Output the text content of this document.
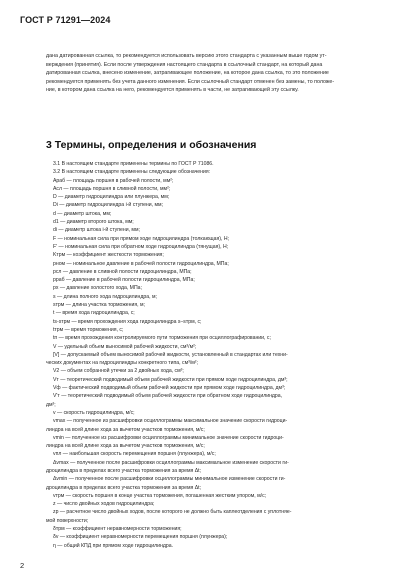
ГОСТ Р 71291—2024
дана датированная ссылка, то рекомендуется использовать версию этого стандарта с указанным выше годом ут-
верждения (принятия). Если после утверждения настоящего стандарта в ссылочный стандарт, на который дана
датированная ссылка, внесено изменение, затрагивающее положение, на которое дана ссылка, то это положение
рекомендуется применять без учета данного изменения. Если ссылочный стандарт отменен без замены, то положе-
ние, в котором дана ссылка на него, рекомендуется применять в части, не затрагивающей эту ссылку.
3 Термины, определения и обозначения

3.1 В настоящем стандарте применены термины по ГОСТ Р 71086.

3.2 В настоящем стандарте применены следующие обозначения:

Aраб — площадь поршня в рабочей полости, мм²;

Aсл — площадь поршня в сливной полости, мм²;

D — диаметр гидроцилиндра или плунжера, мм;

Di — диаметр гидроцилиндра i-й ступени, мм;

d — диаметр штока, мм;

d1 — диаметр второго штока, мм;

di — диаметр штока i-й ступени, мм;

F — номинальная сила при прямом ходе гидроцилиндра (толкающая), Н;

F' — номинальная сила при обратном ходе гидроцилиндра (тянущая), Н;

Kтрм — коэффициент жесткости торможения;

pном — номинальное давление в рабочей полости гидроцилиндра, МПа;

pсл — давление в сливной полости гидроцилиндра, МПа;

pраб — давление в рабочей полости гидроцилиндра, МПа;

pх — давление холостого хода, МПа;

s — длина полного хода гидроцилиндра, м;

sтрм — длина участка торможения, м;

t — время хода гидроцилиндра, с;

ts-sтрм — время прохождения хода гидроцилиндра s–sтрм, с;

tтрм — время торможения, с;

tп — время прохождения контролируемого пути торможения при осциллографировании, с;

V — удельный объем выносимой рабочей жидкости, см³/м²;

[V] — допускаемый объем выносимой рабочей жидкости, установленный в стандартах или техни-

ческих документах на гидроцилиндры конкретного типа, см³/м²;

V2 — объем собранной утечки за 2 двойных хода, см³;

Vт — теоретический подводимый объем рабочей жидкости при прямом ходе гидроцилиндра, дм³;

Vф — фактический подводимый объем рабочей жидкости при прямом ходе гидроцилиндра, дм³;

V'т — теоретический подводимый объем рабочей жидкости при обратном ходе гидроцилиндра,

дм³;

v — скорость гидроцилиндра, м/с;

vmax — полученное из расшифровки осциллограммы максимальное значение скорости гидроци-

линдра на всей длине хода за вычетом участков торможения, м/с;

vmin — полученное из расшифровки осциллограммы минимальное значение скорости гидроци-

линдра на всей длине хода за вычетом участков торможения, м/с;

vпл — наибольшая скорость перемещения поршня (плунжера), м/с;

Δvmax — полученное после расшифровки осциллограммы максимальное изменение скорости ги-

дроцилиндра в пределах всего участка торможения за время Δt;

Δvmin — полученное после расшифровки осциллограммы минимальное изменение скорости ги-

дроцилиндра в пределах всего участка торможения за время Δt;

vтрм — скорость поршня в конце участка торможения, погашенная жестким упором, м/с;

z — число двойных ходов гидроцилиндра;

zр — расчетное число двойных ходов, после которого не должно быть каплеотделения с уплотняе-

мой поверхности;

δтрм — коэффициент неравномерности торможения;

δv — коэффициент неравномерности перемещения поршня (плунжера);

η — общий КПД при прямом ходе гидроцилиндра.

2
